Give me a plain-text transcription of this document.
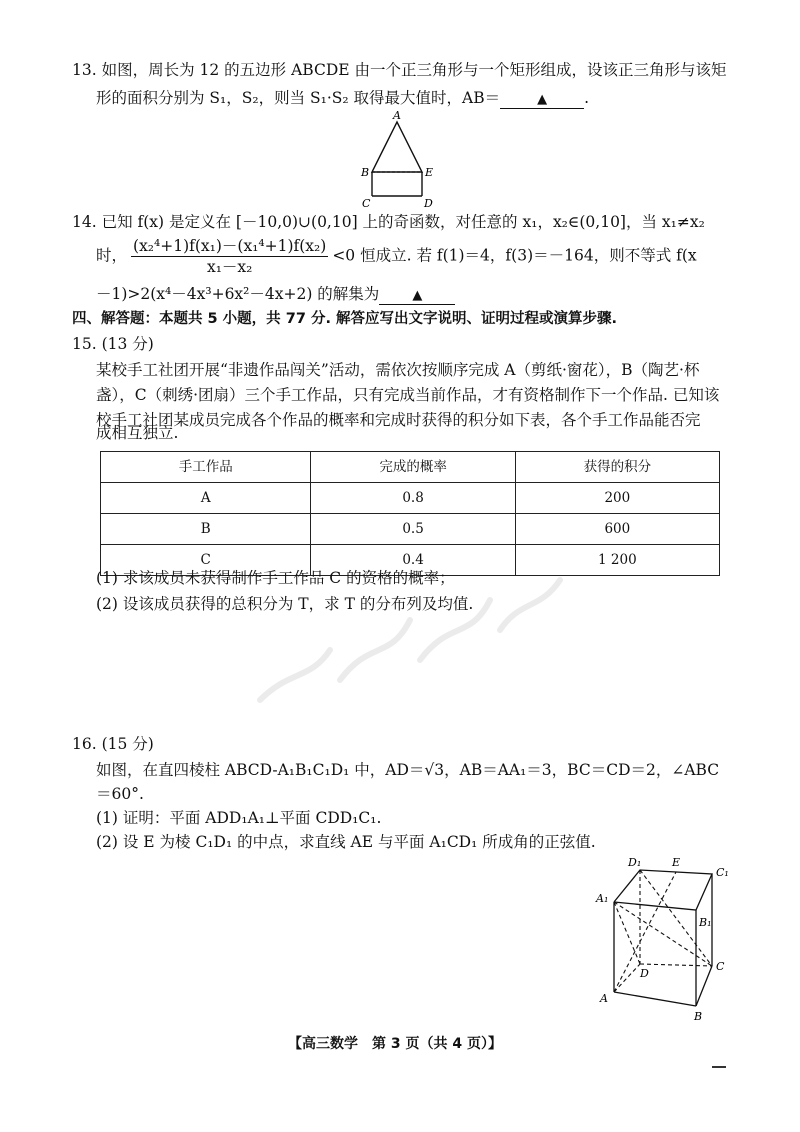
13. 如图，周长为 12 的五边形 ABCDE 由一个正三角形与一个矩形组成，设该正三角形与该矩
形的面积分别为 S₁，S₂，则当 S₁·S₂ 取得最大值时，AB＝	▲ .
A
B
C	D
E
14. 已知 f(x) 是定义在 [－10,0)∪(0,10] 上的奇函数，对任意的 x₁，x₂∈(0,10]，当 x₁≠x₂
时， $\frac{\text{(x₂⁴+1)f(x₁)－(x₁⁴+1)f(x₂)}}{\text{x₁－x₂}} <0$ 恒成立. 若 f(1)＝4，f(3)＝－164，则不等式 f(x
－1)>2(x⁴－4x³+6x²－4x+2) 的解集为	▲
四、解答题：本题共 5 小题，共 77 分. 解答应写出文字说明、证明过程或演算步骤.
15. (13 分)
某校手工社团开展“非遗作品闯关”活动，需依次按顺序完成 A（剪纸·窗花），B（陶艺·杯
盏），C（刺绣·团扇）三个手工作品，只有完成当前作品，才有资格制作下一个作品. 已知该
校手工社团某成员完成各个作品的概率和完成时获得的积分如下表，各个手工作品能否完
成相互独立.
手工作品	完成的概率	获得的积分
A	0.8	200
B	0.5	600
C	0.4	1 200
(1) 求该成员未获得制作手工作品 C 的资格的概率；
(2) 设该成员获得的总积分为 T，求 T 的分布列及均值.
16. (15 分)
如图，在直四棱柱 ABCD-A₁B₁C₁D₁ 中，AD＝√3，AB＝AA₁＝3，BC＝CD＝2，∠ABC
＝60°.
(1) 证明：平面 ADD₁A₁⊥平面 CDD₁C₁.
(2) 设 E 为棱 C₁D₁ 的中点，求直线 AE 与平面 A₁CD₁ 所成角的正弦值.
D₁	E
C₁
A₁
B₁
D
C
A
B
【高三数学　第 3 页（共 4 页）】
